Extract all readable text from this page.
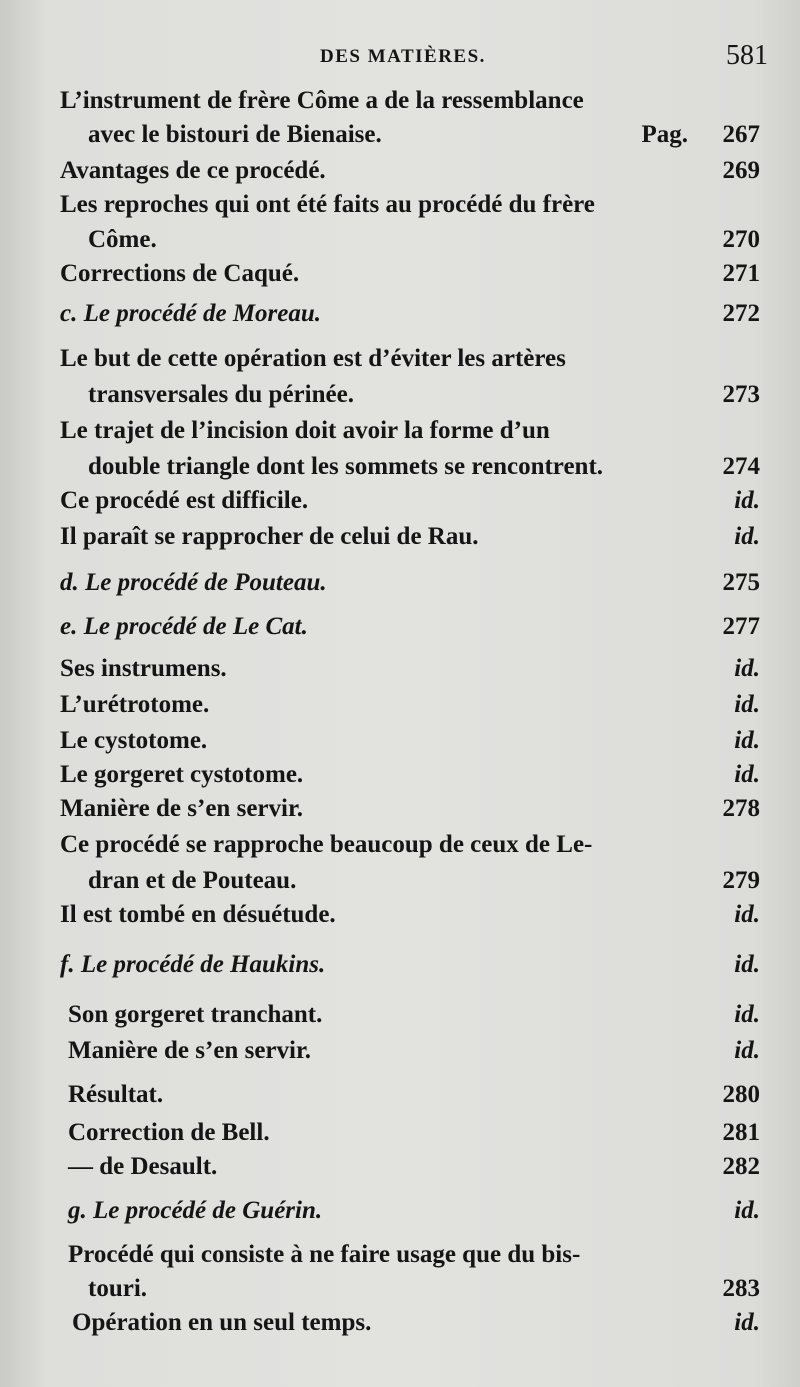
DES MATIÈRES.	581
L’instrument de frère Côme a de la ressemblance
avec le bistouri de Bienaise.	Pag. 267
Avantages de ce procédé.	269
Les reproches qui ont été faits au procédé du frère
Côme.	270
Corrections de Caqué.	271
c. Le procédé de Moreau.	272
Le but de cette opération est d’éviter les artères
transversales du périnée.	273
Le trajet de l’incision doit avoir la forme d’un
double triangle dont les sommets se rencontrent.	274
Ce procédé est difficile.	id.
Il paraît se rapprocher de celui de Rau.	id.
d. Le procédé de Pouteau.	275
e. Le procédé de Le Cat.	277
Ses instrumens.	id.
L’urétrotome.	id.
Le cystotome.	id.
Le gorgeret cystotome.	id.
Manière de s’en servir.	278
Ce procédé se rapproche beaucoup de ceux de Le-
dran et de Pouteau.	279
Il est tombé en désuétude.	id.
f. Le procédé de Haukins.	id.
Son gorgeret tranchant.	id.
Manière de s’en servir.	id.
Résultat.	280
Correction de Bell.	281
— de Desault.	282
g. Le procédé de Guérin.	id.
Procédé qui consiste à ne faire usage que du bis-
touri.	283
Opération en un seul temps.	id.
